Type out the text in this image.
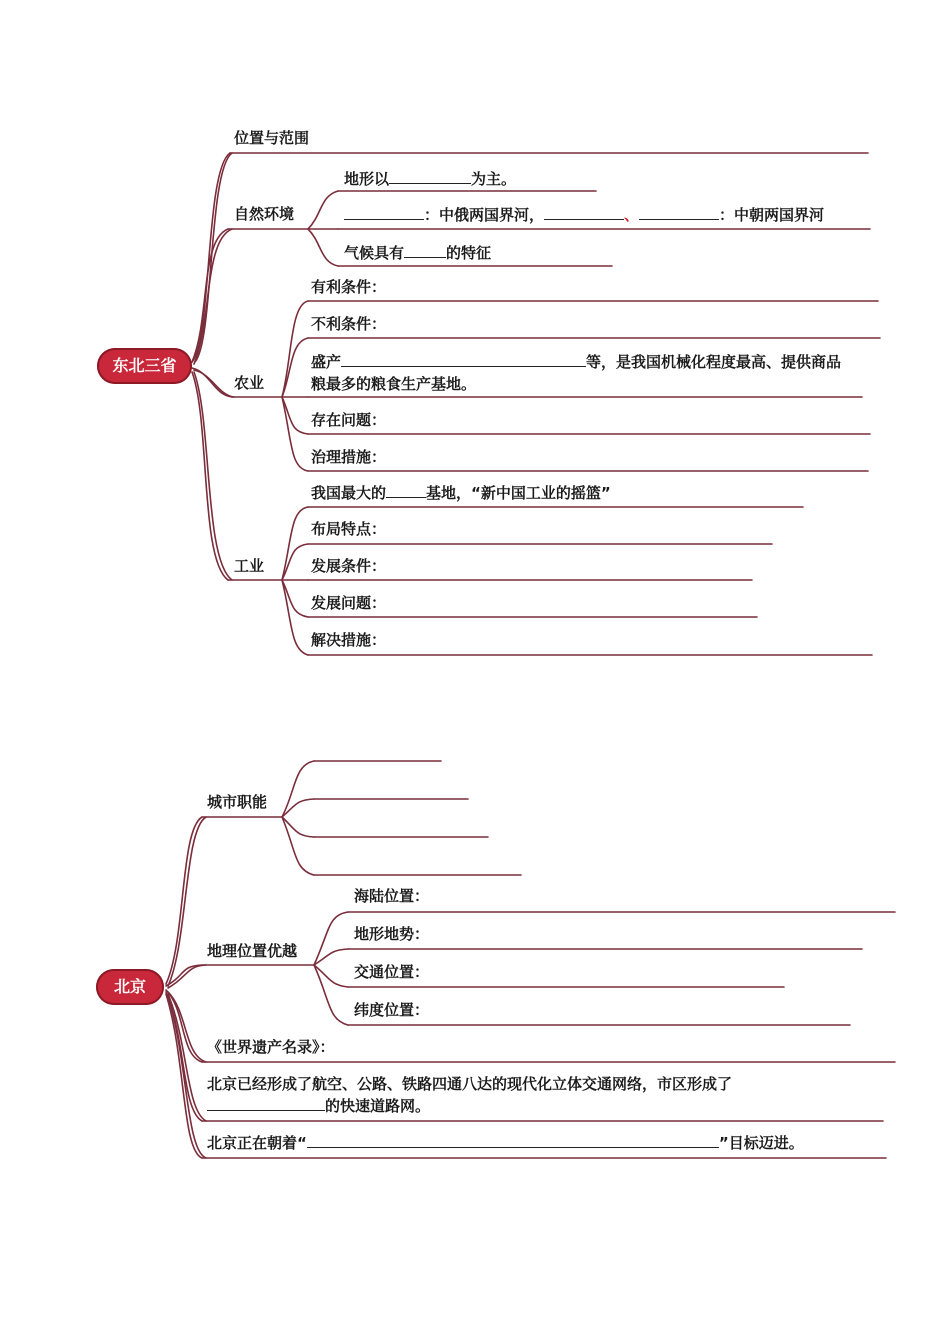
东北三省
位置与范围
自然环境
地形以	为主。
：中俄两国界河，	、	：中朝两国界河
气候具有	的特征
农业
有利条件：
不利条件：
盛产	等，是我国机械化程度最高、提供商品粮最多的粮食生产基地。
存在问题：
治理措施：
工业
我国最大的	基地，“新中国工业的摇篮”
布局特点：
发展条件：
发展问题：
解决措施：
北京
城市职能
地理位置优越
海陆位置：
地形地势：
交通位置：
纬度位置：
《世界遗产名录》：
北京已经形成了航空、公路、铁路四通八达的现代化立体交通网络，市区形成了的快速道路网。
北京正在朝着“	”目标迈进。
